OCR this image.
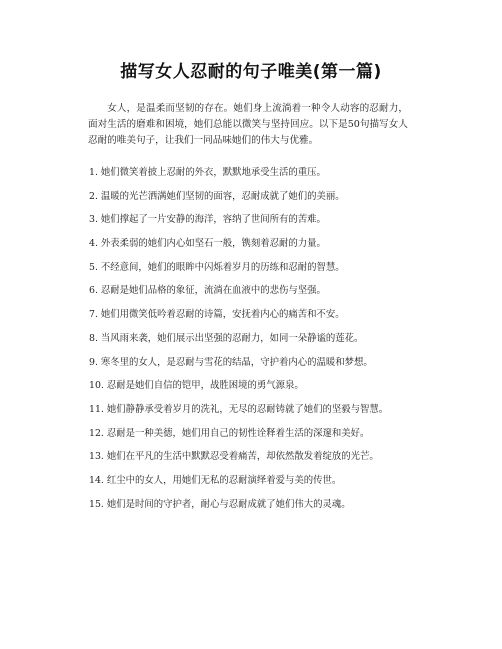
描写女人忍耐的句子唯美(第一篇)

女人，是温柔而坚韧的存在。她们身上流淌着一种令人动容的忍耐力，面对生活的磨难和困境，她们总能以微笑与坚持回应。以下是50句描写女人忍耐的唯美句子，让我们一同品味她们的伟大与优雅。

1. 她们微笑着披上忍耐的外衣，默默地承受生活的重压。
2. 温暖的光芒洒满她们坚韧的面容，忍耐成就了她们的美丽。
3. 她们撑起了一片安静的海洋，容纳了世间所有的苦难。
4. 外表柔弱的她们内心如坚石一般，镌刻着忍耐的力量。
5. 不经意间，她们的眼眸中闪烁着岁月的历练和忍耐的智慧。
6. 忍耐是她们品格的象征，流淌在血液中的悲伤与坚强。
7. 她们用微笑低吟着忍耐的诗篇，安抚着内心的痛苦和不安。
8. 当风雨来袭，她们展示出坚强的忍耐力，如同一朵静谧的莲花。
9. 寒冬里的女人，是忍耐与雪花的结晶，守护着内心的温暖和梦想。
10. 忍耐是她们自信的铠甲，战胜困境的勇气源泉。
11. 她们静静承受着岁月的洗礼，无尽的忍耐铸就了她们的坚毅与智慧。
12. 忍耐是一种美德，她们用自己的韧性诠释着生活的深邃和美好。
13. 她们在平凡的生活中默默忍受着痛苦，却依然散发着绽放的光芒。
14. 红尘中的女人，用她们无私的忍耐演绎着爱与美的传世。
15. 她们是时间的守护者，耐心与忍耐成就了她们伟大的灵魂。
